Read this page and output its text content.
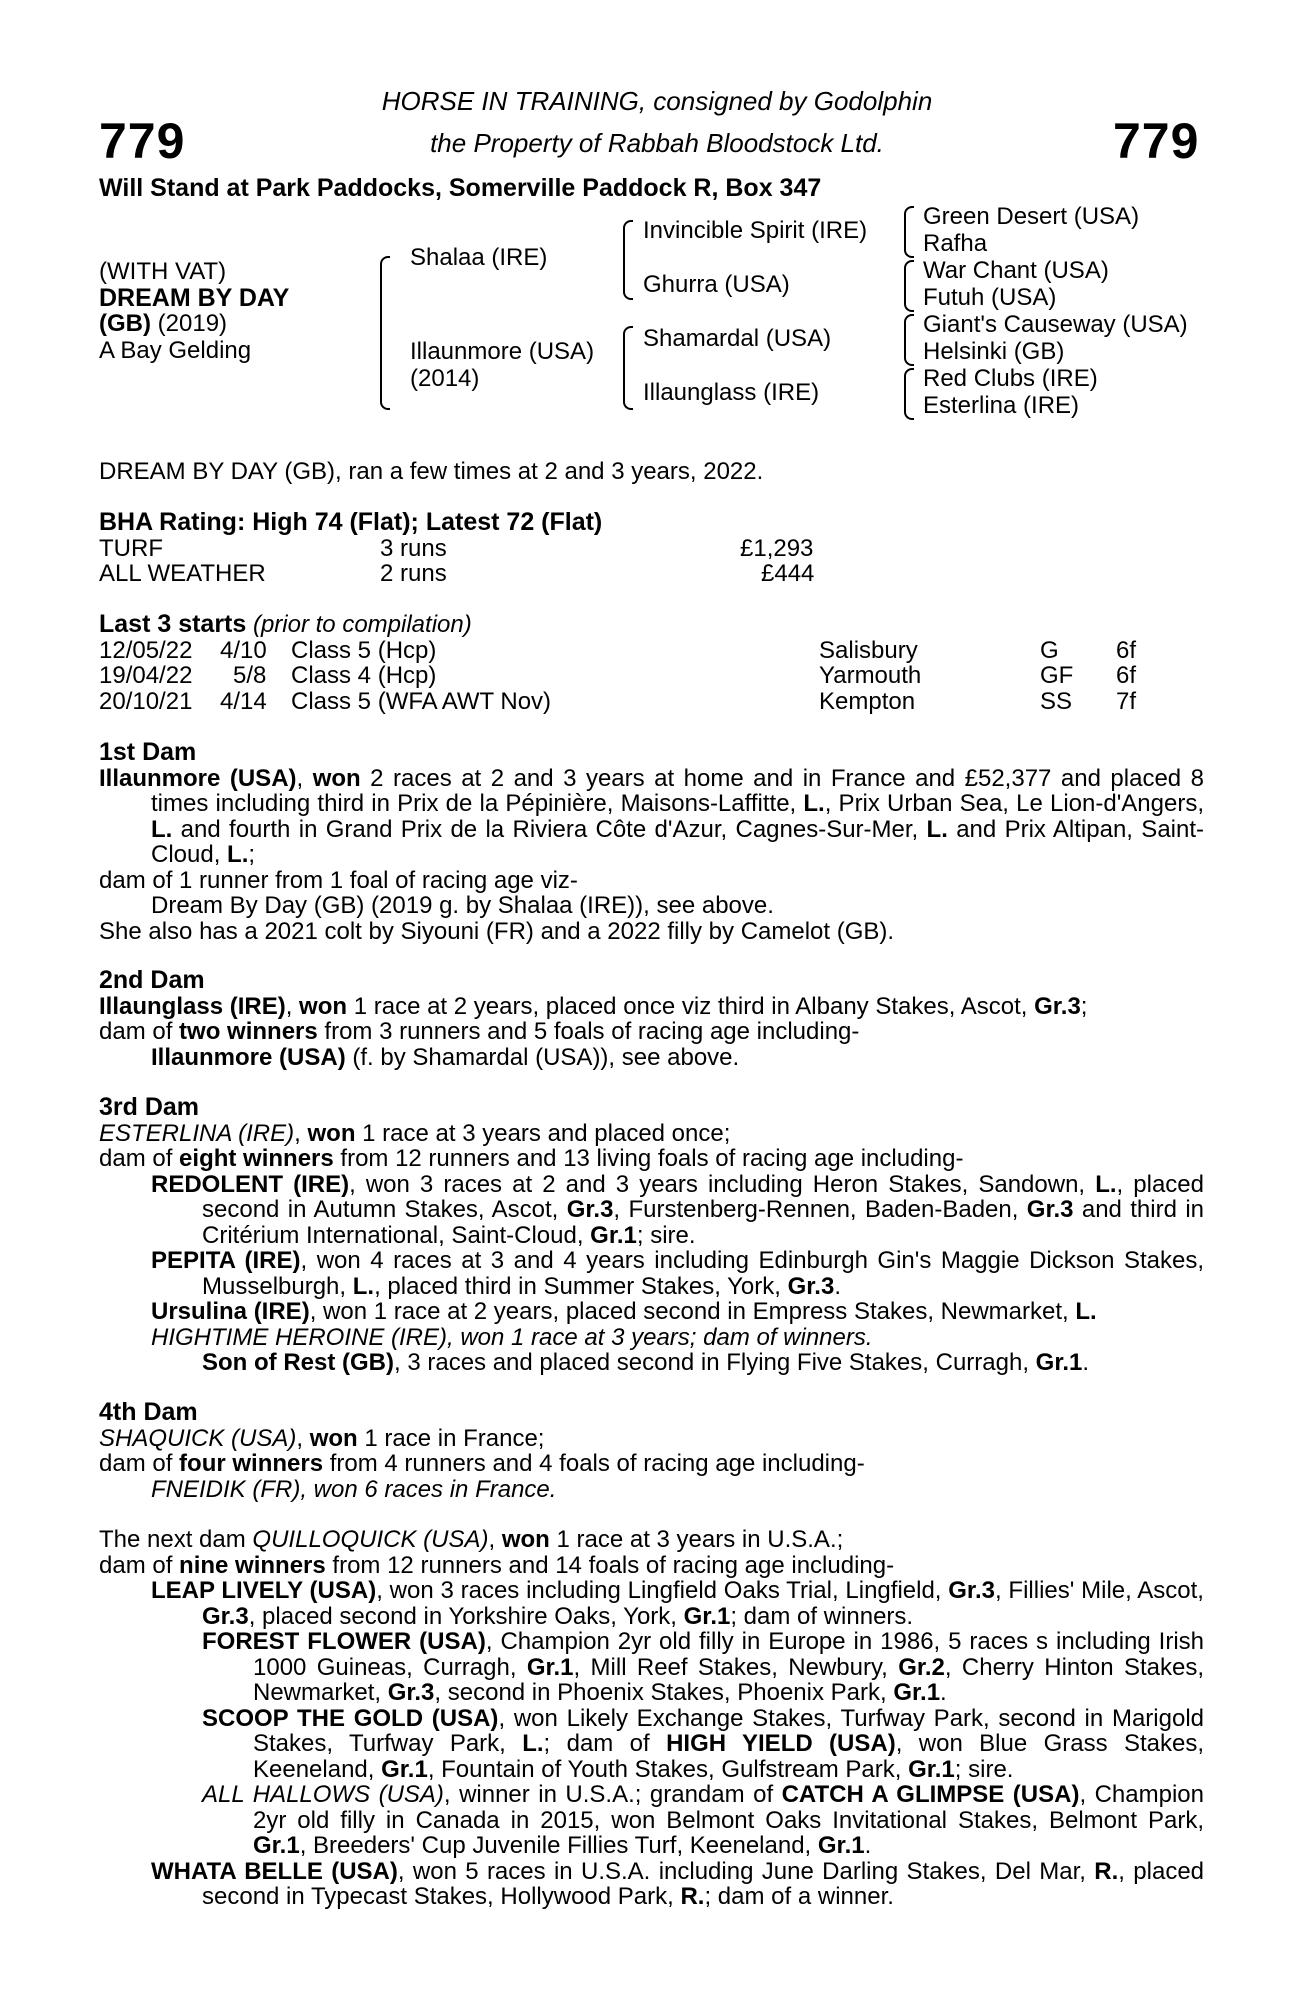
779	779
HORSE IN TRAINING, consigned by Godolphin
the Property of Rabbah Bloodstock Ltd.
Will Stand at Park Paddocks, Somerville Paddock R, Box 347
(WITH VAT)
DREAM BY DAY
(GB) (2019)
A Bay Gelding
Shalaa (IRE)
Illaunmore (USA)
(2014)
Invincible Spirit (IRE)
Ghurra (USA)
Shamardal (USA)
Illaunglass (IRE)
Green Desert (USA)
Rafha
War Chant (USA)
Futuh (USA)
Giant's Causeway (USA)
Helsinki (GB)
Red Clubs (IRE)
Esterlina (IRE)
DREAM BY DAY (GB), ran a few times at 2 and 3 years, 2022.
BHA Rating: High 74 (Flat); Latest 72 (Flat)
TURF	3 runs	£1,293
ALL WEATHER	2 runs	£444
Last 3 starts (prior to compilation)
12/05/22 4/10 Class 5 (Hcp)	Salisbury	G 6f
19/04/22 5/8 Class 4 (Hcp)	Yarmouth	GF 6f
20/10/21 4/14 Class 5 (WFA AWT Nov)	Kempton	SS 7f

1st Dam

Illaunmore (USA), won 2 races at 2 and 3 years at home and in France and £52,377 and placed 8 times including third in Prix de la Pépinière, Maisons-Laffitte, L., Prix Urban Sea, Le Lion-d'Angers, L. and fourth in Grand Prix de la Riviera Côte d'Azur, Cagnes-Sur-Mer, L. and Prix Altipan, Saint-Cloud, L.;

dam of 1 runner from 1 foal of racing age viz-

Dream By Day (GB) (2019 g. by Shalaa (IRE)), see above.

She also has a 2021 colt by Siyouni (FR) and a 2022 filly by Camelot (GB).

2nd Dam

Illaunglass (IRE), won 1 race at 2 years, placed once viz third in Albany Stakes, Ascot, Gr.3;

dam of two winners from 3 runners and 5 foals of racing age including-

Illaunmore (USA) (f. by Shamardal (USA)), see above.

3rd Dam

ESTERLINA (IRE), won 1 race at 3 years and placed once;

dam of eight winners from 12 runners and 13 living foals of racing age including-

REDOLENT (IRE), won 3 races at 2 and 3 years including Heron Stakes, Sandown, L., placed second in Autumn Stakes, Ascot, Gr.3, Furstenberg-Rennen, Baden-Baden, Gr.3 and third in Critérium International, Saint-Cloud, Gr.1; sire.

PEPITA (IRE), won 4 races at 3 and 4 years including Edinburgh Gin's Maggie Dickson Stakes, Musselburgh, L., placed third in Summer Stakes, York, Gr.3.

Ursulina (IRE), won 1 race at 2 years, placed second in Empress Stakes, Newmarket, L.

HIGHTIME HEROINE (IRE), won 1 race at 3 years; dam of winners.

Son of Rest (GB), 3 races and placed second in Flying Five Stakes, Curragh, Gr.1.

4th Dam

SHAQUICK (USA), won 1 race in France;

dam of four winners from 4 runners and 4 foals of racing age including-

FNEIDIK (FR), won 6 races in France.

The next dam QUILLOQUICK (USA), won 1 race at 3 years in U.S.A.;

dam of nine winners from 12 runners and 14 foals of racing age including-

LEAP LIVELY (USA), won 3 races including Lingfield Oaks Trial, Lingfield, Gr.3, Fillies' Mile, Ascot, Gr.3, placed second in Yorkshire Oaks, York, Gr.1; dam of winners.

FOREST FLOWER (USA), Champion 2yr old filly in Europe in 1986, 5 races s including Irish 1000 Guineas, Curragh, Gr.1, Mill Reef Stakes, Newbury, Gr.2, Cherry Hinton Stakes, Newmarket, Gr.3, second in Phoenix Stakes, Phoenix Park, Gr.1.

SCOOP THE GOLD (USA), won Likely Exchange Stakes, Turfway Park, second in Marigold Stakes, Turfway Park, L.; dam of HIGH YIELD (USA), won Blue Grass Stakes, Keeneland, Gr.1, Fountain of Youth Stakes, Gulfstream Park, Gr.1; sire.

ALL HALLOWS (USA), winner in U.S.A.; grandam of CATCH A GLIMPSE (USA), Champion 2yr old filly in Canada in 2015, won Belmont Oaks Invitational Stakes, Belmont Park, Gr.1, Breeders' Cup Juvenile Fillies Turf, Keeneland, Gr.1.

WHATA BELLE (USA), won 5 races in U.S.A. including June Darling Stakes, Del Mar, R., placed second in Typecast Stakes, Hollywood Park, R.; dam of a winner.
